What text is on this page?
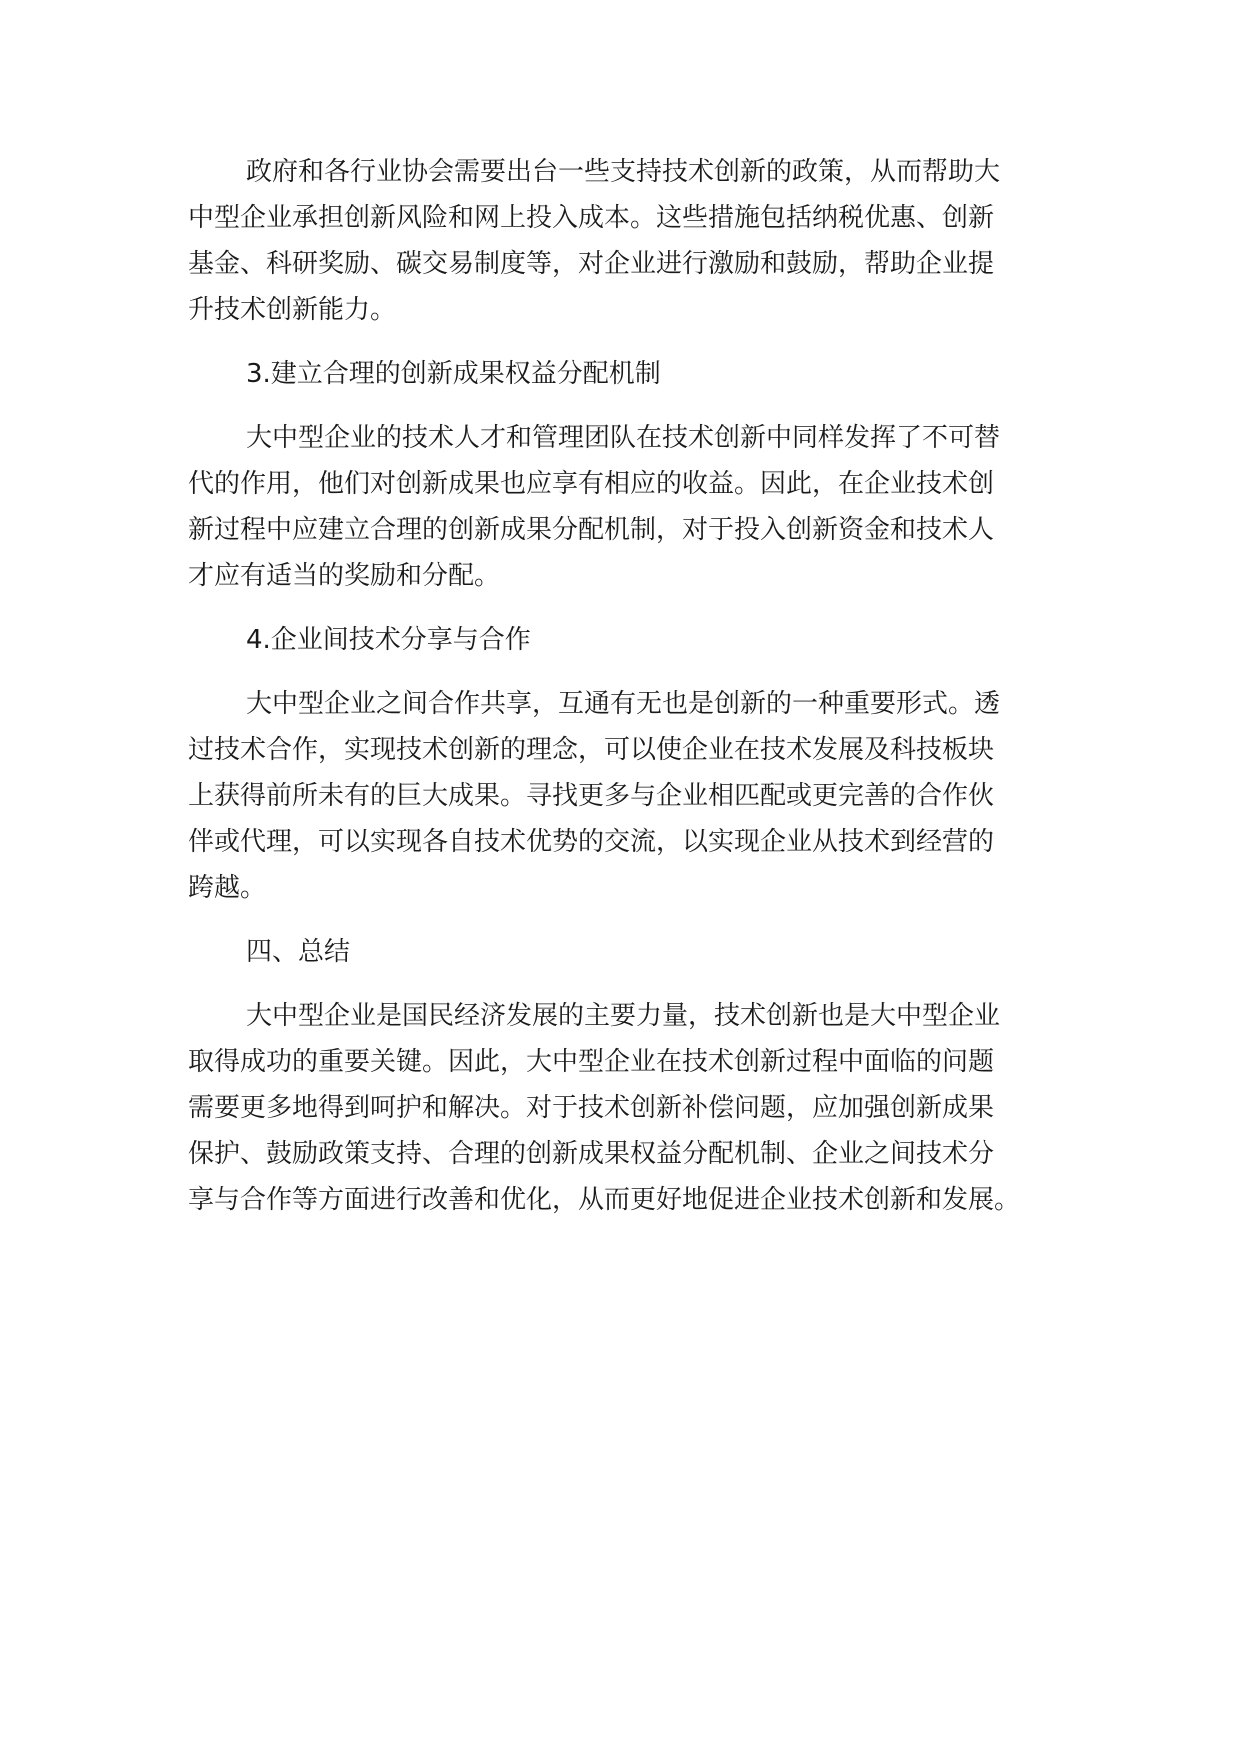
政府和各行业协会需要出台一些支持技术创新的政策，从而帮助大
中型企业承担创新风险和网上投入成本。这些措施包括纳税优惠、创新
基金、科研奖励、碳交易制度等，对企业进行激励和鼓励，帮助企业提
升技术创新能力。
3.建立合理的创新成果权益分配机制
大中型企业的技术人才和管理团队在技术创新中同样发挥了不可替
代的作用，他们对创新成果也应享有相应的收益。因此，在企业技术创
新过程中应建立合理的创新成果分配机制，对于投入创新资金和技术人
才应有适当的奖励和分配。
4.企业间技术分享与合作
大中型企业之间合作共享，互通有无也是创新的一种重要形式。透
过技术合作，实现技术创新的理念，可以使企业在技术发展及科技板块
上获得前所未有的巨大成果。寻找更多与企业相匹配或更完善的合作伙
伴或代理，可以实现各自技术优势的交流，以实现企业从技术到经营的
跨越。
四、总结
大中型企业是国民经济发展的主要力量，技术创新也是大中型企业
取得成功的重要关键。因此，大中型企业在技术创新过程中面临的问题
需要更多地得到呵护和解决。对于技术创新补偿问题，应加强创新成果
保护、鼓励政策支持、合理的创新成果权益分配机制、企业之间技术分
享与合作等方面进行改善和优化，从而更好地促进企业技术创新和发展。
